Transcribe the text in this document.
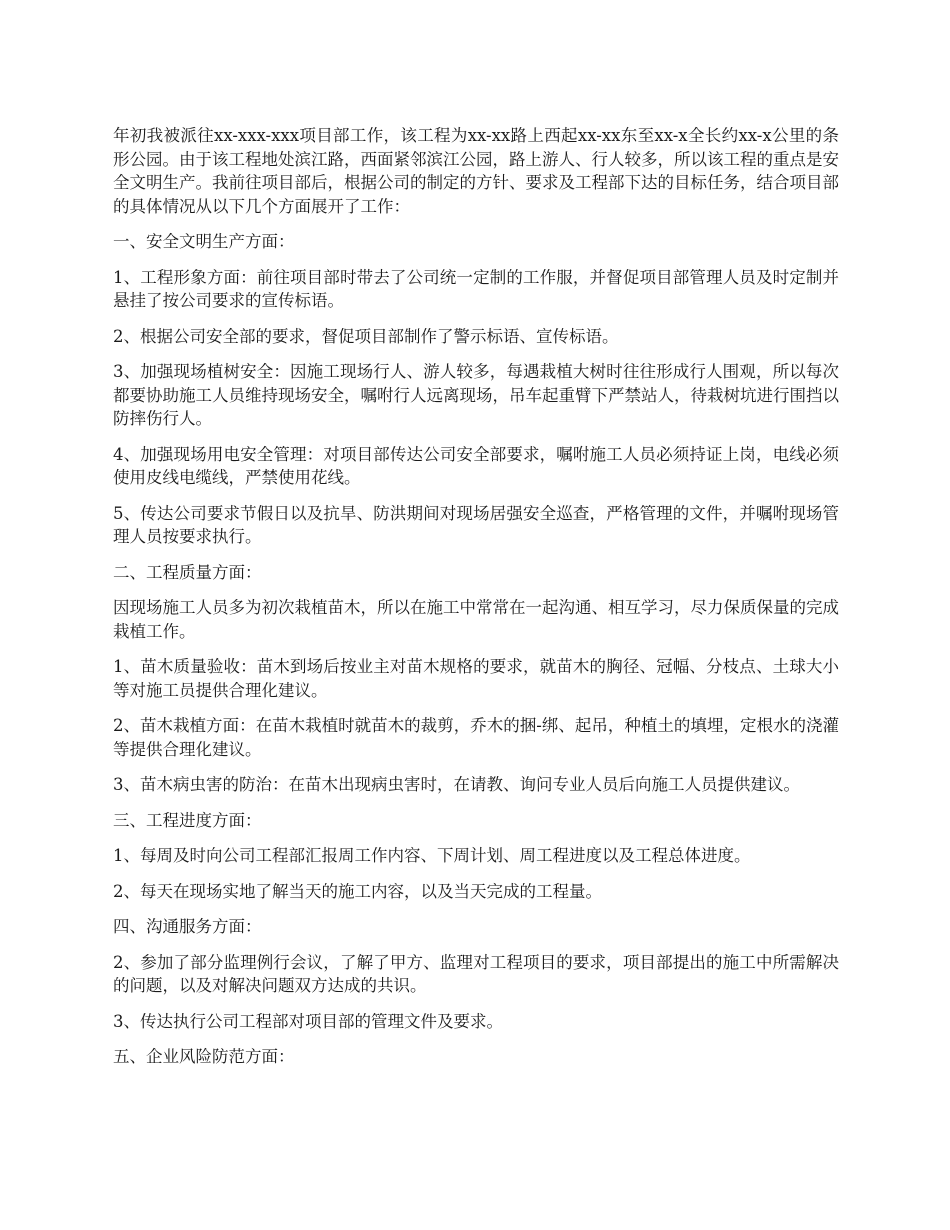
年初我被派往xx-xxx-xxx项目部工作，该工程为xx-xx路上西起xx-xx东至xx-x全长约xx-x公里的条形公园。由于该工程地处滨江路，西面紧邻滨江公园，路上游人、行人较多，所以该工程的重点是安全文明生产。我前往项目部后，根据公司的制定的方针、要求及工程部下达的目标任务，结合项目部的具体情况从以下几个方面展开了工作：

一、安全文明生产方面：

1、工程形象方面：前往项目部时带去了公司统一定制的工作服，并督促项目部管理人员及时定制并悬挂了按公司要求的宣传标语。

2、根据公司安全部的要求，督促项目部制作了警示标语、宣传标语。

3、加强现场植树安全：因施工现场行人、游人较多，每遇栽植大树时往往形成行人围观，所以每次都要协助施工人员维持现场安全，嘱咐行人远离现场，吊车起重臂下严禁站人，待栽树坑进行围挡以防摔伤行人。

4、加强现场用电安全管理：对项目部传达公司安全部要求，嘱咐施工人员必须持证上岗，电线必须使用皮线电缆线，严禁使用花线。

5、传达公司要求节假日以及抗旱、防洪期间对现场居强安全巡查，严格管理的文件，并嘱咐现场管理人员按要求执行。

二、工程质量方面：

因现场施工人员多为初次栽植苗木，所以在施工中常常在一起沟通、相互学习，尽力保质保量的完成栽植工作。

1、苗木质量验收：苗木到场后按业主对苗木规格的要求，就苗木的胸径、冠幅、分枝点、土球大小等对施工员提供合理化建议。

2、苗木栽植方面：在苗木栽植时就苗木的裁剪，乔木的捆-绑、起吊，种植土的填埋，定根水的浇灌等提供合理化建议。

3、苗木病虫害的防治：在苗木出现病虫害时，在请教、询问专业人员后向施工人员提供建议。

三、工程进度方面：

1、每周及时向公司工程部汇报周工作内容、下周计划、周工程进度以及工程总体进度。

2、每天在现场实地了解当天的施工内容，以及当天完成的工程量。

四、沟通服务方面：

2、参加了部分监理例行会议，了解了甲方、监理对工程项目的要求，项目部提出的施工中所需解决的问题，以及对解决问题双方达成的共识。

3、传达执行公司工程部对项目部的管理文件及要求。

五、企业风险防范方面：
